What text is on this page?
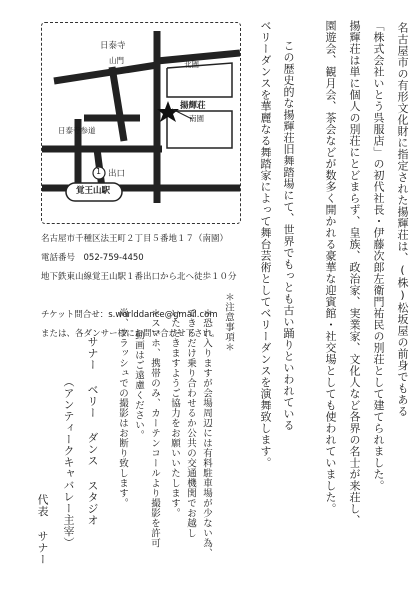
名古屋市の有形文化財に指定された揚輝荘は、(株)松坂屋の前身でもある
「株式会社いとう呉服店」の初代社長・伊藤次郎左衛門祐民の別荘として建てられました。
揚輝荘は単に個人の別荘にとどまらず、皇族、政治家、実業家、文化人など各界の名士が来荘し、
園遊会、観月会、茶会などが数多く開かれる豪華な迎賓館・社交場としても使われていました。
この歴史的な揚輝荘旧舞踏場にて、世界でもっとも古い踊りといわれている
ベリーダンスを華麗なる舞踏家によって舞台芸術としてベリーダンスを演舞致します。
＊注意事項＊
＊恐れ入りますが会場周辺には有料駐車場が少ない為、
できるだけ乗り合わせるか公共の交通機関でお越し
いただきますようご協力をお願いいたします。
＊スマホ、携帯のみ、カーテンコールより撮影を許可
尚、フラッシュでの撮影はお断り致します。 動画はご遠慮ください。
サナー ベリー ダンス スタジオ
（アンティークキャバレー主宰）
代表 サナー
日泰寺
山門	北園
揚輝荘
南園
日泰寺参道
1 出口
覚王山駅
名古屋市千種区法王町２丁目５番地１７（南園）
電話番号　052-759-4450
地下鉄東山線覚王山駅１番出口から北へ徒歩１０分
チケット問合せ：s.worlddance@gmail.com
または、各ダンサー様にお問い合わせ下さい。
